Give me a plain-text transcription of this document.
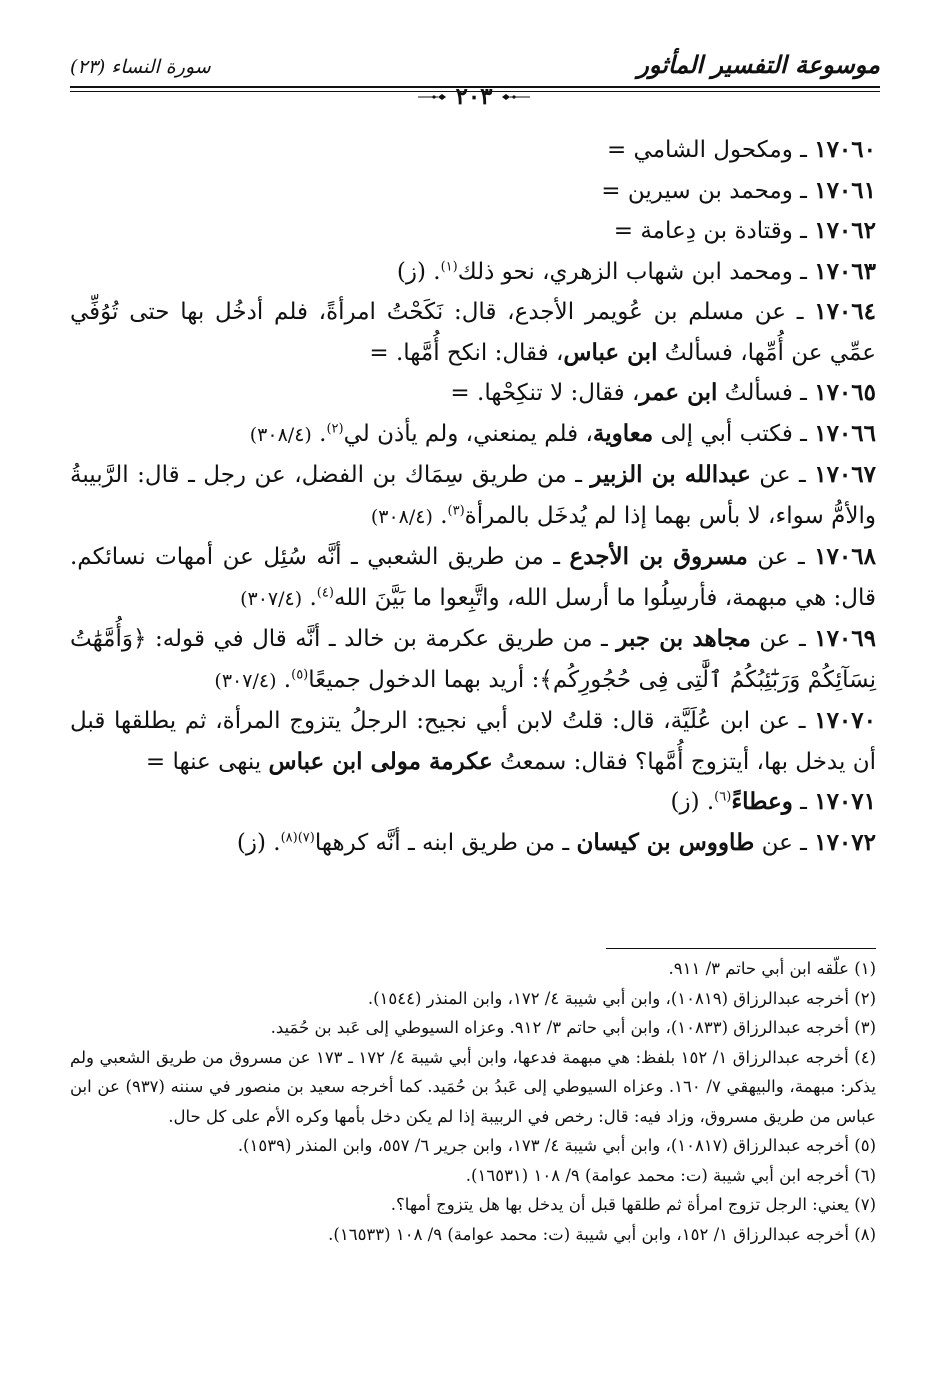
موسوعة التفسير المأثور
سورة النساء (٢٣)
٢٠٣

١٧٠٦٠ ـ ومكحول الشامي =

١٧٠٦١ ـ ومحمد بن سيرين =

١٧٠٦٢ ـ وقتادة بن دِعامة =

١٧٠٦٣ ـ ومحمد ابن شهاب الزهري، نحو ذلك$^{(١)}$. (ز)

١٧٠٦٤ ـ عن مسلم بن عُويمر الأجدع، قال: نَكَحْتُ امرأةً، فلم أدخُل بها حتى تُوُفِّي عمِّي عن أُمِّها، فسألتُ ابن عباس، فقال: انكح أُمَّها. =

١٧٠٦٥ ـ فسألتُ ابن عمر، فقال: لا تنكِحْها. =

١٧٠٦٦ ـ فكتب أبي إلى معاوية، فلم يمنعني، ولم يأذن لي$^{(٢)}$. (٣٠٨/٤)

١٧٠٦٧ ـ عن عبدالله بن الزبير ـ من طريق سِمَاك بن الفضل، عن رجل ـ قال: الرَّبيبةُ والأمُّ سواء، لا بأس بهما إذا لم يُدخَل بالمرأة$^{(٣)}$. (٣٠٨/٤)

١٧٠٦٨ ـ عن مسروق بن الأجدع ـ من طريق الشعبي ـ أنَّه سُئِل عن أمهات نسائكم. قال: هي مبهمة، فأرسِلُوا ما أرسل الله، واتَّبِعوا ما بَيَّنَ الله$^{(٤)}$. (٣٠٧/٤)

١٧٠٦٩ ـ عن مجاهد بن جبر ـ من طريق عكرمة بن خالد ـ أنَّه قال في قوله: ﴿وَأُمَّهَٰتُ نِسَآئِكُمْ وَرَبَٰٓئِبُكُمُ ٱلَّٰتِى فِى حُجُورِكُم﴾: أريد بهما الدخول جميعًا$^{(٥)}$. (٣٠٧/٤)

١٧٠٧٠ ـ عن ابن عُلَيَّة، قال: قلتُ لابن أبي نجيح: الرجلُ يتزوج المرأة، ثم يطلقها قبل أن يدخل بها، أيتزوج أُمَّها؟ فقال: سمعتُ عكرمة مولى ابن عباس ينهى عنها =

١٧٠٧١ ـ وعطاءً$^{(٦)}$. (ز)

١٧٠٧٢ ـ عن طاووس بن كيسان ـ من طريق ابنه ـ أنَّه كرهها$^{(٧)(٨)}$. (ز)

(١) علّقه ابن أبي حاتم ٣/ ٩١١.

(٢) أخرجه عبدالرزاق (١٠٨١٩)، وابن أبي شيبة ٤/ ١٧٢، وابن المنذر (١٥٤٤).

(٣) أخرجه عبدالرزاق (١٠٨٣٣)، وابن أبي حاتم ٣/ ٩١٢. وعزاه السيوطي إلى عَبد بن حُمَيد.

(٤) أخرجه عبدالرزاق ١/ ١٥٢ بلفظ: هي مبهمة فدعها، وابن أبي شيبة ٤/ ١٧٢ ـ ١٧٣ عن مسروق من طريق الشعبي ولم يذكر: مبهمة، والبيهقي ٧/ ١٦٠. وعزاه السيوطي إلى عَبدُ بن حُمَيد. كما أخرجه سعيد بن منصور في سننه (٩٣٧) عن ابن عباس من طريق مسروق، وزاد فيه: قال: رخص في الربيبة إذا لم يكن دخل بأمها وكره الأم على كل حال.

(٥) أخرجه عبدالرزاق (١٠٨١٧)، وابن أبي شيبة ٤/ ١٧٣، وابن جرير ٦/ ٥٥٧، وابن المنذر (١٥٣٩).

(٦) أخرجه ابن أبي شيبة (ت: محمد عوامة) ٩/ ١٠٨ (١٦٥٣١).

(٧) يعني: الرجل تزوج امرأة ثم طلقها قبل أن يدخل بها هل يتزوج أمها؟.

(٨) أخرجه عبدالرزاق ١/ ١٥٢، وابن أبي شيبة (ت: محمد عوامة) ٩/ ١٠٨ (١٦٥٣٣).
